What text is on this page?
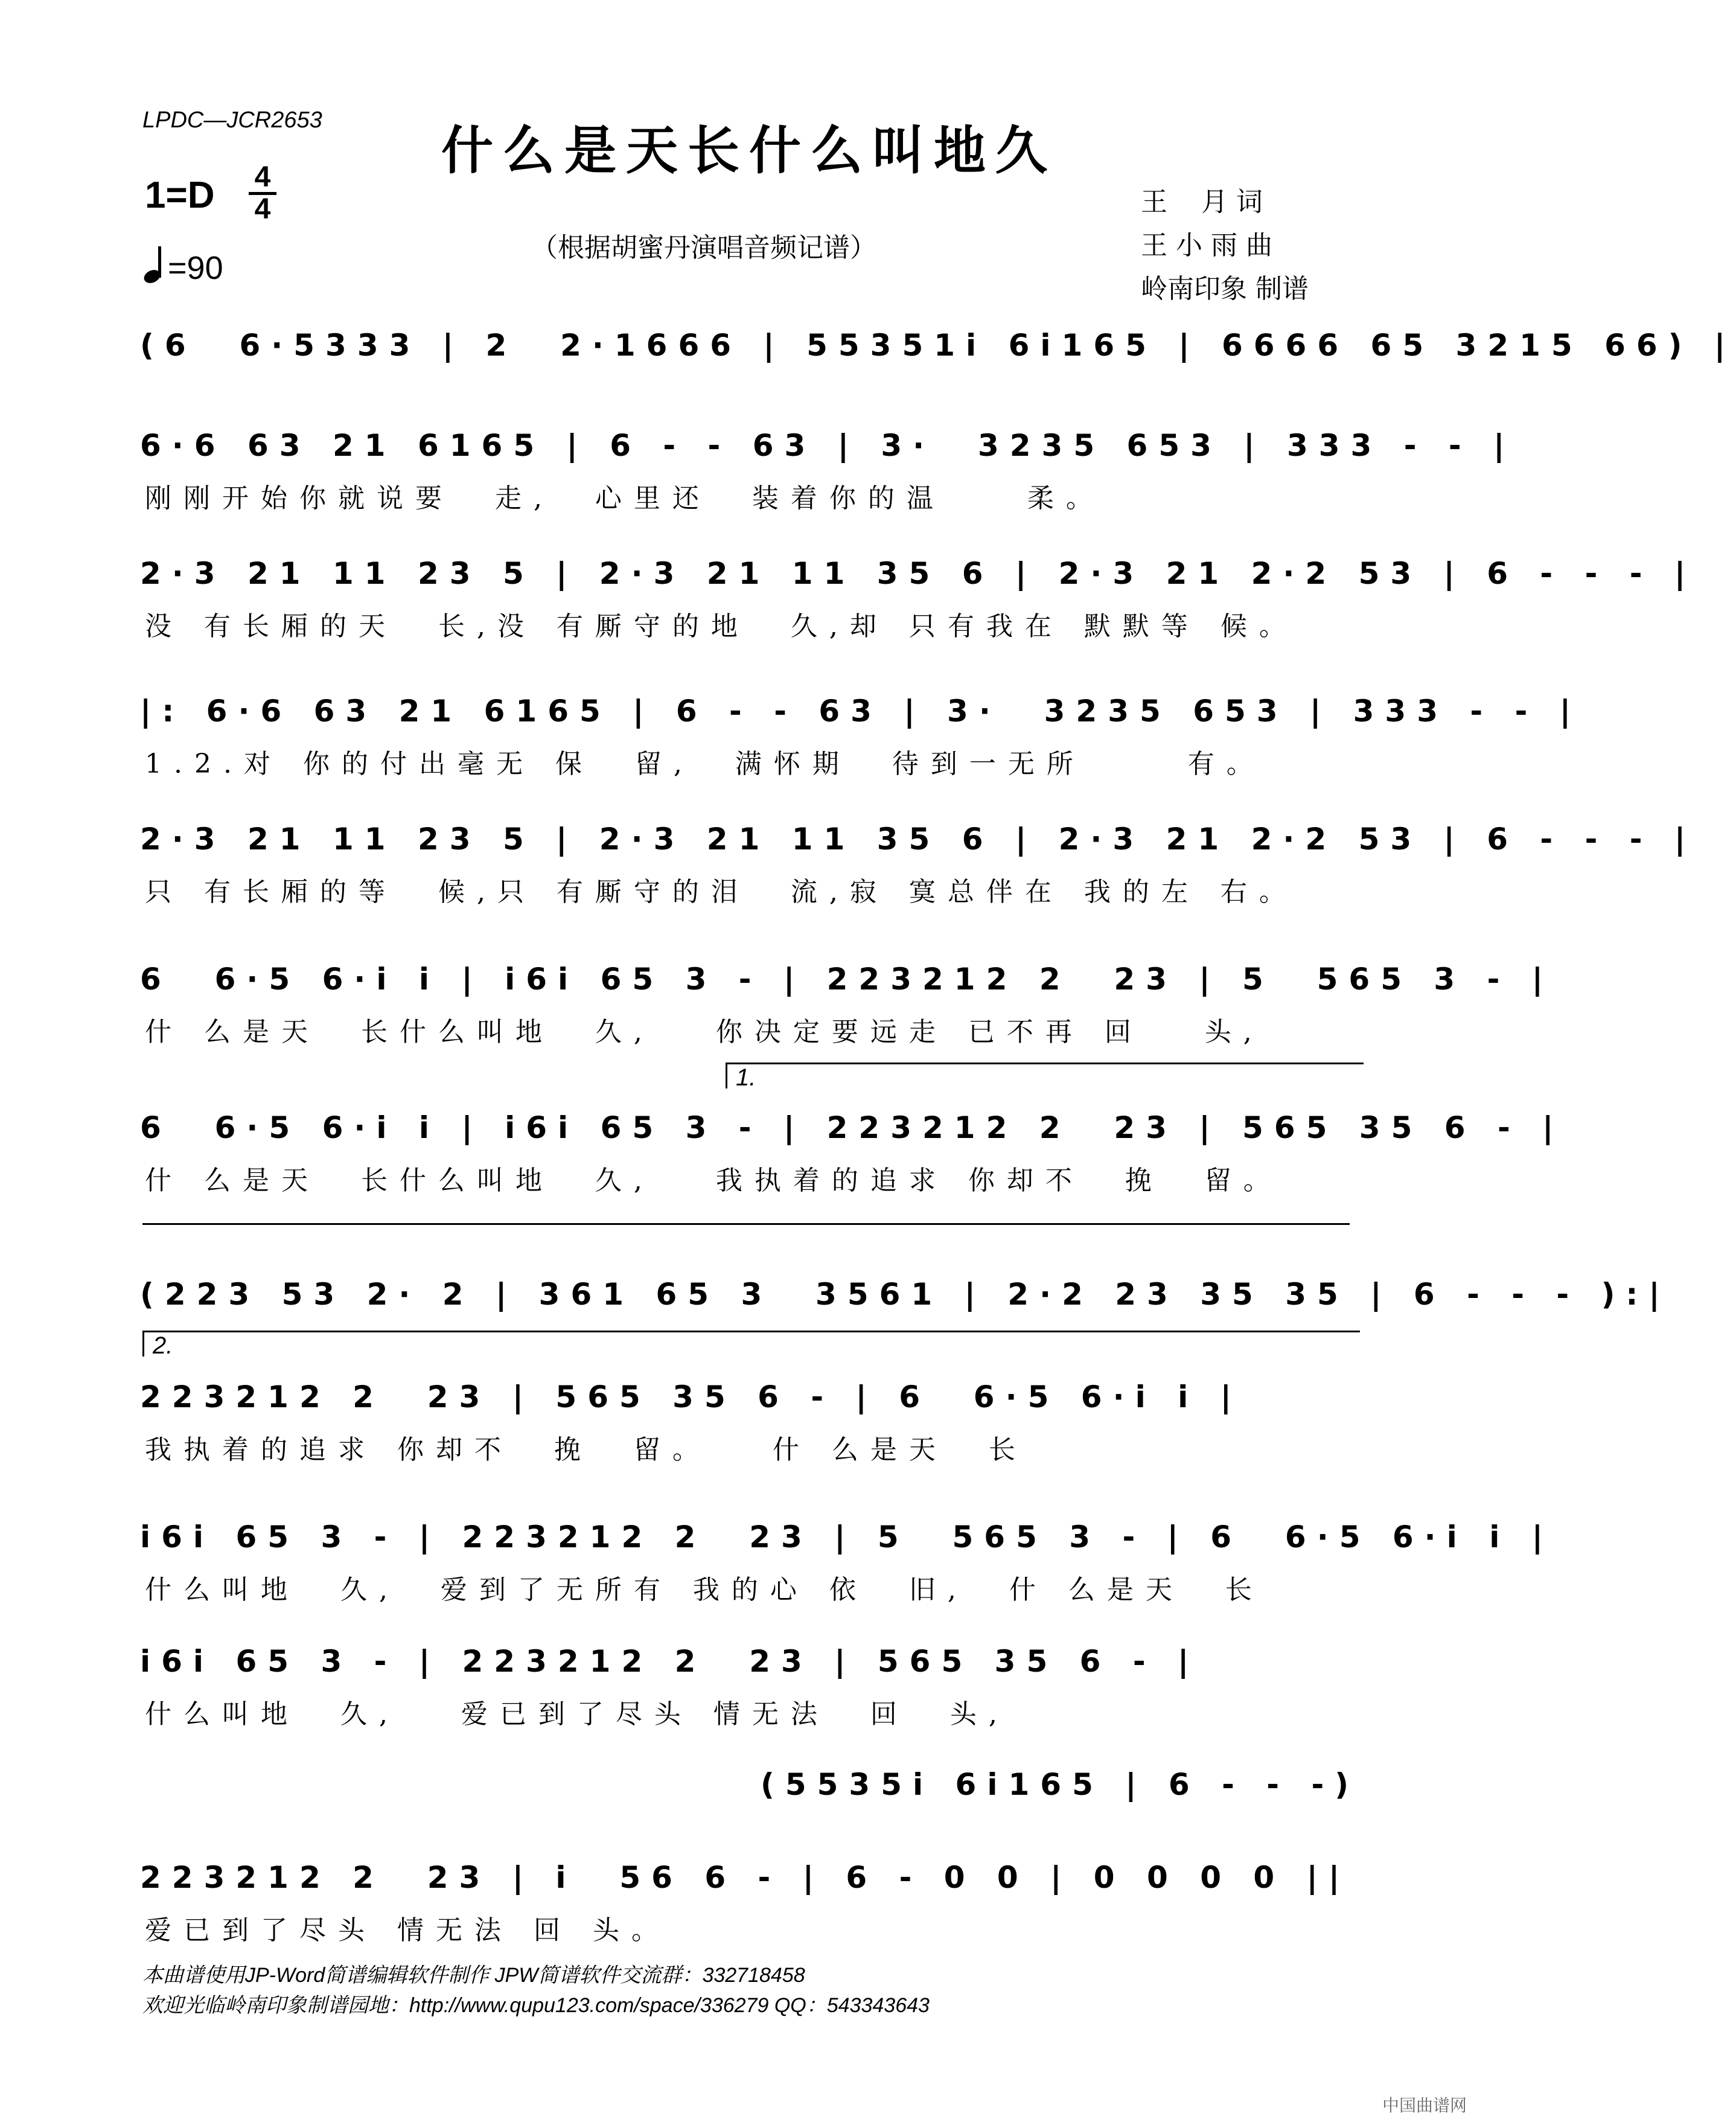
LPDC—JCR2653	什么是天长什么叫地久
1=D 4
4
=90
（根据胡蜜丹演唱音频记谱）
王    月 词
王 小 雨 曲
岭南印象 制谱
(6  6·5333 | 2  2·1666 | 55351i 6i165 | 6666 65 3215 66) |
6·6 63 21 6165 | 6 - - 63 | 3·  3235 653 | 333 - - |
刚刚开始你就说要  走,  心里还  装着你的温    柔。
2·3 21 11 23 5 | 2·3 21 11 35 6 | 2·3 21 2·2 53 | 6 - - - |
没 有长厢的天  长,没 有厮守的地  久,却 只有我在 默默等 候。
|: 6·6 63 21 6165 | 6 - - 63 | 3·  3235 653 | 333 - - |
1.2.对 你的付出毫无 保  留,  满怀期  待到一无所     有。
2·3 21 11 23 5 | 2·3 21 11 35 6 | 2·3 21 2·2 53 | 6 - - - |
只 有长厢的等  候,只 有厮守的泪  流,寂 寞总伴在 我的左 右。
6  6·5 6·i i | i6i 65 3 - | 223212 2  23 | 5  565 3 - |
什 么是天  长什么叫地  久,   你决定要远走 已不再 回   头,
1.
6  6·5 6·i i | i6i 65 3 - | 223212 2  23 | 565 35 6 - |
什 么是天  长什么叫地  久,   我执着的追求 你却不  挽  留。
(223 53 2· 2 | 361 65 3  3561 | 2·2 23 35 35 | 6 - - - ):|
2.
223212 2  23 | 565 35 6 - | 6  6·5 6·i i |
我执着的追求 你却不  挽  留。   什 么是天  长
i6i 65 3 - | 223212 2  23 | 5  565 3 - | 6  6·5 6·i i |
什么叫地  久,  爱到了无所有 我的心 依  旧,  什 么是天  长
i6i 65 3 - | 223212 2  23 | 565 35 6 - |
什么叫地  久,   爱已到了尽头 情无法  回  头,
(5535i 6i165 | 6 - - -)
223212 2  23 | i  56 6 - | 6 - 0 0 | 0 0 0 0 ||
爱已到了尽头 情无法 回 头。
本曲谱使用JP-Word简谱编辑软件制作 JPW简谱软件交流群：332718458
欢迎光临岭南印象制谱园地：http://www.qupu123.com/space/336279 QQ：543343643
中国曲谱网
